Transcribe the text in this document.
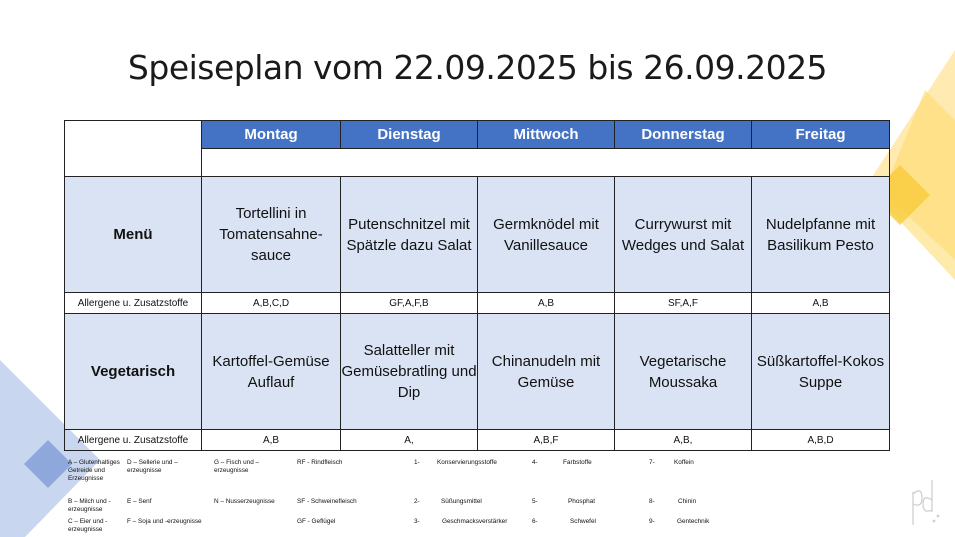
Speiseplan vom 22.09.2025 bis 26.09.2025
	Montag	Dienstag	Mittwoch	Donnerstag	Freitag

Menü	Tortellini in Tomatensahne-sauce	Putenschnitzel mit Spätzle dazu Salat	Germknödel mit Vanillesauce	Currywurst mit Wedges und Salat	Nudelpfanne mit Basilikum Pesto
Allergene u. Zusatzstoffe	A,B,C,D	GF,A,F,B	A,B	SF,A,F	A,B
Vegetarisch	Kartoffel-Gemüse Auflauf	Salatteller mit Gemüsebratling und Dip	Chinanudeln mit Gemüse	Vegetarische Moussaka	Süßkartoffel-Kokos Suppe
Allergene u. Zusatzstoffe	A,B	A,	A,B,F	A,B,	A,B,D
A – Glutenhaltiges Getreide und Erzeugnisse
B – Milch und -erzeugnisse
C – Eier und -erzeugnisse
D – Sellerie und – erzeugnisse
E – Senf
F – Soja und -erzeugnisse
G – Fisch und – erzeugnisse
N – Nusserzeugnisse
RF - Rindfleisch
SF - Schweinefleisch
GF - Geflügel
1-	Konservierungsstoffe
2-	Süßungsmittel
3-	Geschmacksverstärker
4-	Farbstoffe
5-	Phosphat
6-	Schwefel
7-	Koffein
8-	Chinin
9-	Gentechnik
